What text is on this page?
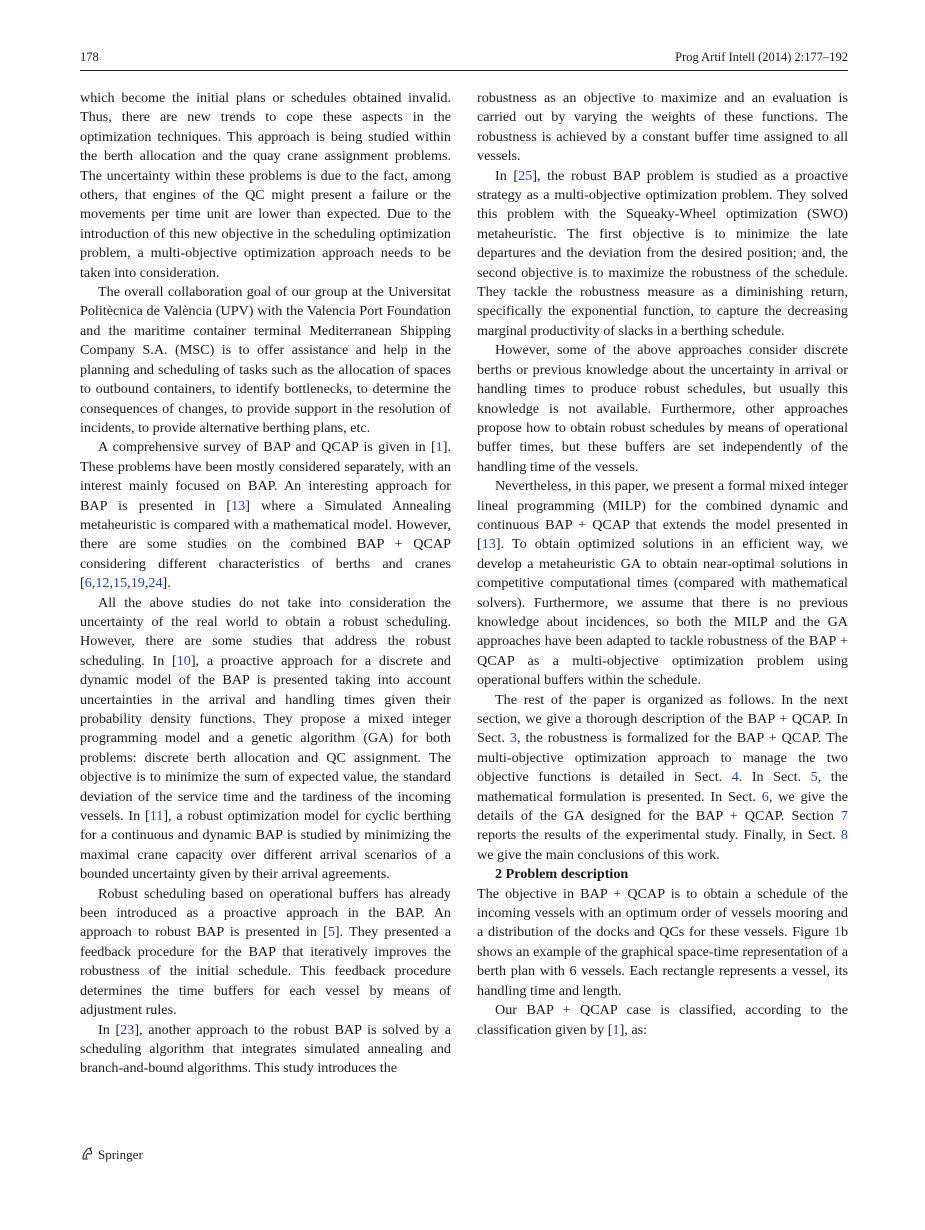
178	Prog Artif Intell (2014) 2:177–192

which become the initial plans or schedules obtained invalid. Thus, there are new trends to cope these aspects in the optimization techniques. This approach is being studied within the berth allocation and the quay crane assignment problems. The uncertainty within these problems is due to the fact, among others, that engines of the QC might present a failure or the movements per time unit are lower than expected. Due to the introduction of this new objective in the scheduling optimization problem, a multi-objective optimization approach needs to be taken into consideration.

The overall collaboration goal of our group at the Universitat Politècnica de València (UPV) with the Valencia Port Foundation and the maritime container terminal Mediterranean Shipping Company S.A. (MSC) is to offer assistance and help in the planning and scheduling of tasks such as the allocation of spaces to outbound containers, to identify bottlenecks, to determine the consequences of changes, to provide support in the resolution of incidents, to provide alternative berthing plans, etc.

A comprehensive survey of BAP and QCAP is given in [1]. These problems have been mostly considered separately, with an interest mainly focused on BAP. An interesting approach for BAP is presented in [13] where a Simulated Annealing metaheuristic is compared with a mathematical model. However, there are some studies on the combined BAP + QCAP considering different characteristics of berths and cranes [6,12,15,19,24].

All the above studies do not take into consideration the uncertainty of the real world to obtain a robust scheduling. However, there are some studies that address the robust scheduling. In [10], a proactive approach for a discrete and dynamic model of the BAP is presented taking into account uncertainties in the arrival and handling times given their probability density functions. They propose a mixed integer programming model and a genetic algorithm (GA) for both problems: discrete berth allocation and QC assignment. The objective is to minimize the sum of expected value, the standard deviation of the service time and the tardiness of the incoming vessels. In [11], a robust optimization model for cyclic berthing for a continuous and dynamic BAP is studied by minimizing the maximal crane capacity over different arrival scenarios of a bounded uncertainty given by their arrival agreements.

Robust scheduling based on operational buffers has already been introduced as a proactive approach in the BAP. An approach to robust BAP is presented in [5]. They presented a feedback procedure for the BAP that iteratively improves the robustness of the initial schedule. This feedback procedure determines the time buffers for each vessel by means of adjustment rules.

In [23], another approach to the robust BAP is solved by a scheduling algorithm that integrates simulated annealing and branch-and-bound algorithms. This study introduces the

robustness as an objective to maximize and an evaluation is carried out by varying the weights of these functions. The robustness is achieved by a constant buffer time assigned to all vessels.

In [25], the robust BAP problem is studied as a proactive strategy as a multi-objective optimization problem. They solved this problem with the Squeaky-Wheel optimization (SWO) metaheuristic. The first objective is to minimize the late departures and the deviation from the desired position; and, the second objective is to maximize the robustness of the schedule. They tackle the robustness measure as a diminishing return, specifically the exponential function, to capture the decreasing marginal productivity of slacks in a berthing schedule.

However, some of the above approaches consider discrete berths or previous knowledge about the uncertainty in arrival or handling times to produce robust schedules, but usually this knowledge is not available. Furthermore, other approaches propose how to obtain robust schedules by means of operational buffer times, but these buffers are set independently of the handling time of the vessels.

Nevertheless, in this paper, we present a formal mixed integer lineal programming (MILP) for the combined dynamic and continuous BAP + QCAP that extends the model presented in [13]. To obtain optimized solutions in an efficient way, we develop a metaheuristic GA to obtain near-optimal solutions in competitive computational times (compared with mathematical solvers). Furthermore, we assume that there is no previous knowledge about incidences, so both the MILP and the GA approaches have been adapted to tackle robustness of the BAP + QCAP as a multi-objective optimization problem using operational buffers within the schedule.

The rest of the paper is organized as follows. In the next section, we give a thorough description of the BAP + QCAP. In Sect. 3, the robustness is formalized for the BAP + QCAP. The multi-objective optimization approach to manage the two objective functions is detailed in Sect. 4. In Sect. 5, the mathematical formulation is presented. In Sect. 6, we give the details of the GA designed for the BAP + QCAP. Section 7 reports the results of the experimental study. Finally, in Sect. 8 we give the main conclusions of this work.

2 Problem description

The objective in BAP + QCAP is to obtain a schedule of the incoming vessels with an optimum order of vessels mooring and a distribution of the docks and QCs for these vessels. Figure 1b shows an example of the graphical space-time representation of a berth plan with 6 vessels. Each rectangle represents a vessel, its handling time and length.

Our BAP + QCAP case is classified, according to the classification given by [1], as:

Springer
